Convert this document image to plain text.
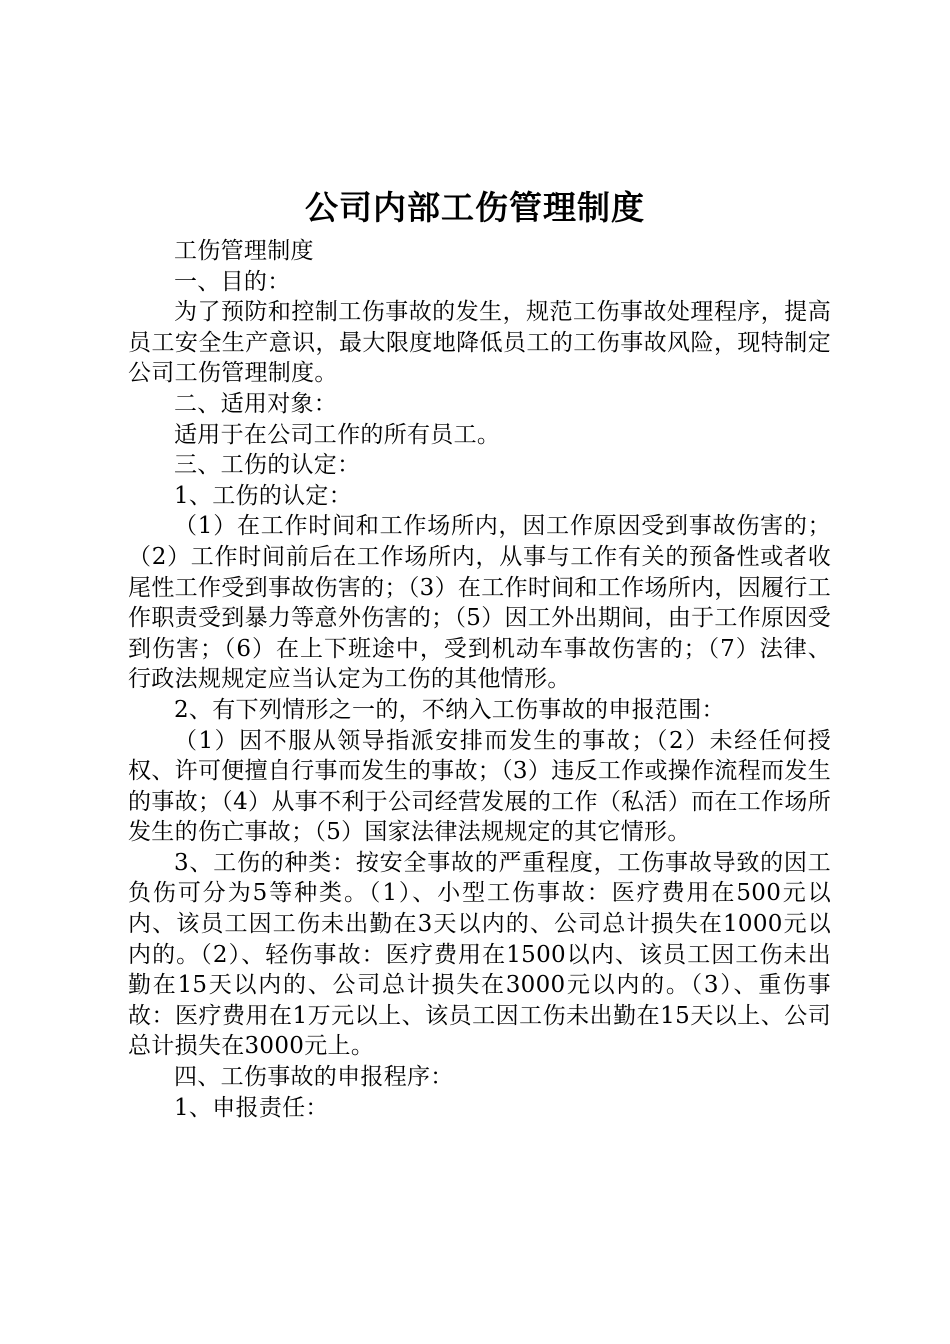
公司内部工伤管理制度

工伤管理制度

一、目的：

为了预防和控制工伤事故的发生，规范工伤事故处理程序，提高员工安全生产意识，最大限度地降低员工的工伤事故风险，现特制定公司工伤管理制度。

二、适用对象：

适用于在公司工作的所有员工。

三、工伤的认定：

1、工伤的认定：

（1）在工作时间和工作场所内，因工作原因受到事故伤害的；（2）工作时间前后在工作场所内，从事与工作有关的预备性或者收尾性工作受到事故伤害的；（3）在工作时间和工作场所内，因履行工作职责受到暴力等意外伤害的；（5）因工外出期间，由于工作原因受到伤害；（6）在上下班途中，受到机动车事故伤害的；（7）法律、行政法规规定应当认定为工伤的其他情形。

2、有下列情形之一的，不纳入工伤事故的申报范围：

（1）因不服从领导指派安排而发生的事故；（2）未经任何授权、许可便擅自行事而发生的事故；（3）违反工作或操作流程而发生的事故；（4）从事不利于公司经营发展的工作（私活）而在工作场所发生的伤亡事故；（5）国家法律法规规定的其它情形。

3、工伤的种类：按安全事故的严重程度，工伤事故导致的因工负伤可分为5等种类。（1）、小型工伤事故：医疗费用在500元以内、该员工因工伤未出勤在3天以内的、公司总计损失在1000元以内的。（2）、轻伤事故：医疗费用在1500以内、该员工因工伤未出勤在15天以内的、公司总计损失在3000元以内的。（3）、重伤事故：医疗费用在1万元以上、该员工因工伤未出勤在15天以上、公司总计损失在3000元上。

四、工伤事故的申报程序：

1、申报责任：
